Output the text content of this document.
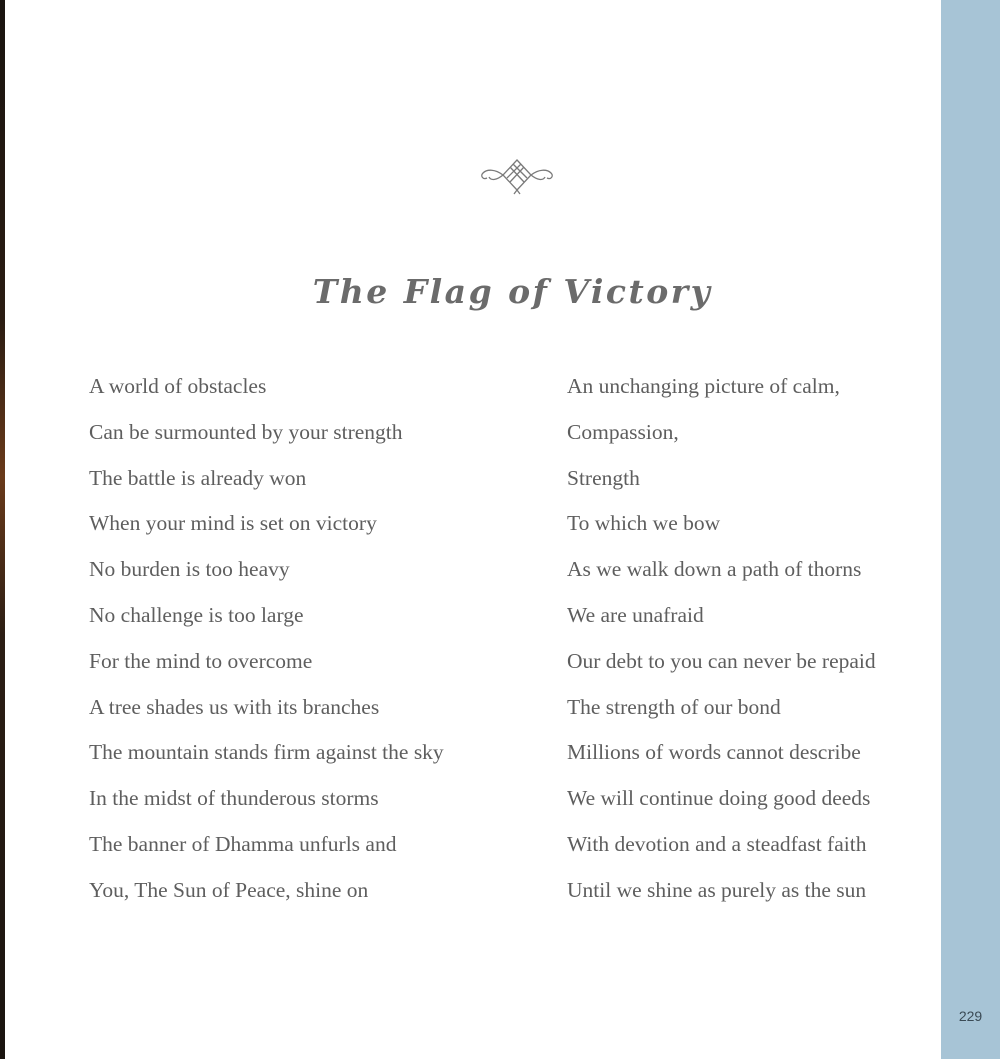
The Flag of Victory
A world of obstacles
Can be surmounted by your strength
The battle is already won
When your mind is set on victory
No burden is too heavy
No challenge is too large
For the mind to overcome
A tree shades us with its branches
The mountain stands firm against the sky
In the midst of thunderous storms
The banner of Dhamma unfurls and
You, The Sun of Peace, shine on
An unchanging picture of calm,
Compassion,
Strength
To which we bow
As we walk down a path of thorns
We are unafraid
Our debt to you can never be repaid
The strength of our bond
Millions of words cannot describe
We will continue doing good deeds
With devotion and a steadfast faith
Until we shine as purely as the sun
229
